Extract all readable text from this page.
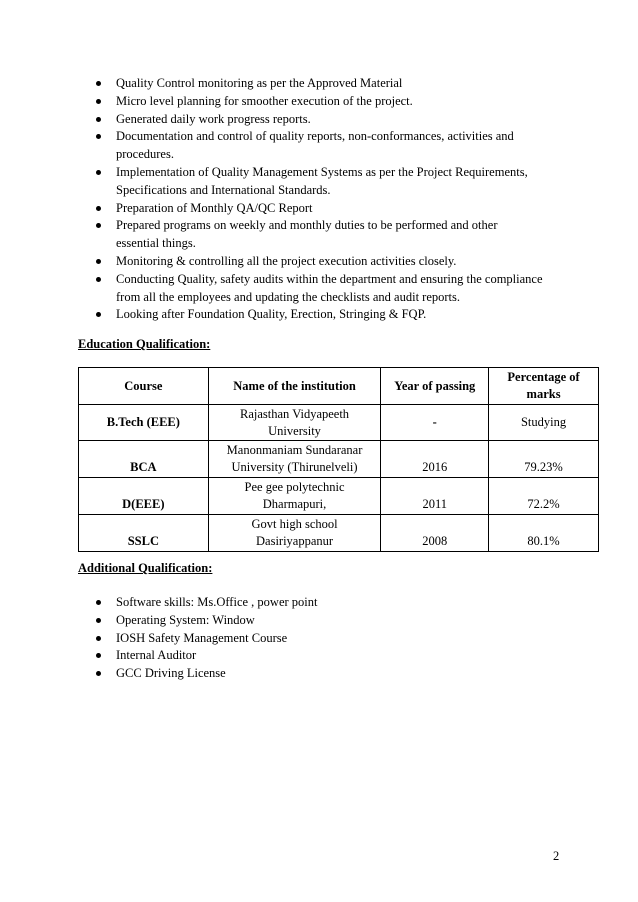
Quality Control monitoring as per the Approved Material
Micro level planning for smoother execution of the project.
Generated daily work progress reports.
Documentation and control of quality reports, non-conformances, activities and
procedures.
Implementation of Quality Management Systems as per the Project Requirements,
Specifications and International Standards.
Preparation of Monthly QA/QC Report
Prepared programs on weekly and monthly duties to be performed and other
essential things.
Monitoring & controlling all the project execution activities closely.
Conducting Quality, safety audits within the department and ensuring the compliance
from all the employees and updating the checklists and audit reports.
Looking after Foundation Quality, Erection, Stringing & FQP.
Education Qualification:
Course	Name of the institution	Year of passing	Percentage of
marks
B.Tech (EEE)	Rajasthan Vidyapeeth
University	-	Studying
BCA	Manonmaniam Sundaranar
University (Thirunelveli)	2016	79.23%
D(EEE)	Pee gee polytechnic
Dharmapuri,	2011	72.2%
SSLC	Govt high school
Dasiriyappanur	2008	80.1%
Additional Qualification:
Software skills: Ms.Office , power point
Operating System: Window
IOSH Safety Management Course
Internal Auditor
GCC Driving License
2
